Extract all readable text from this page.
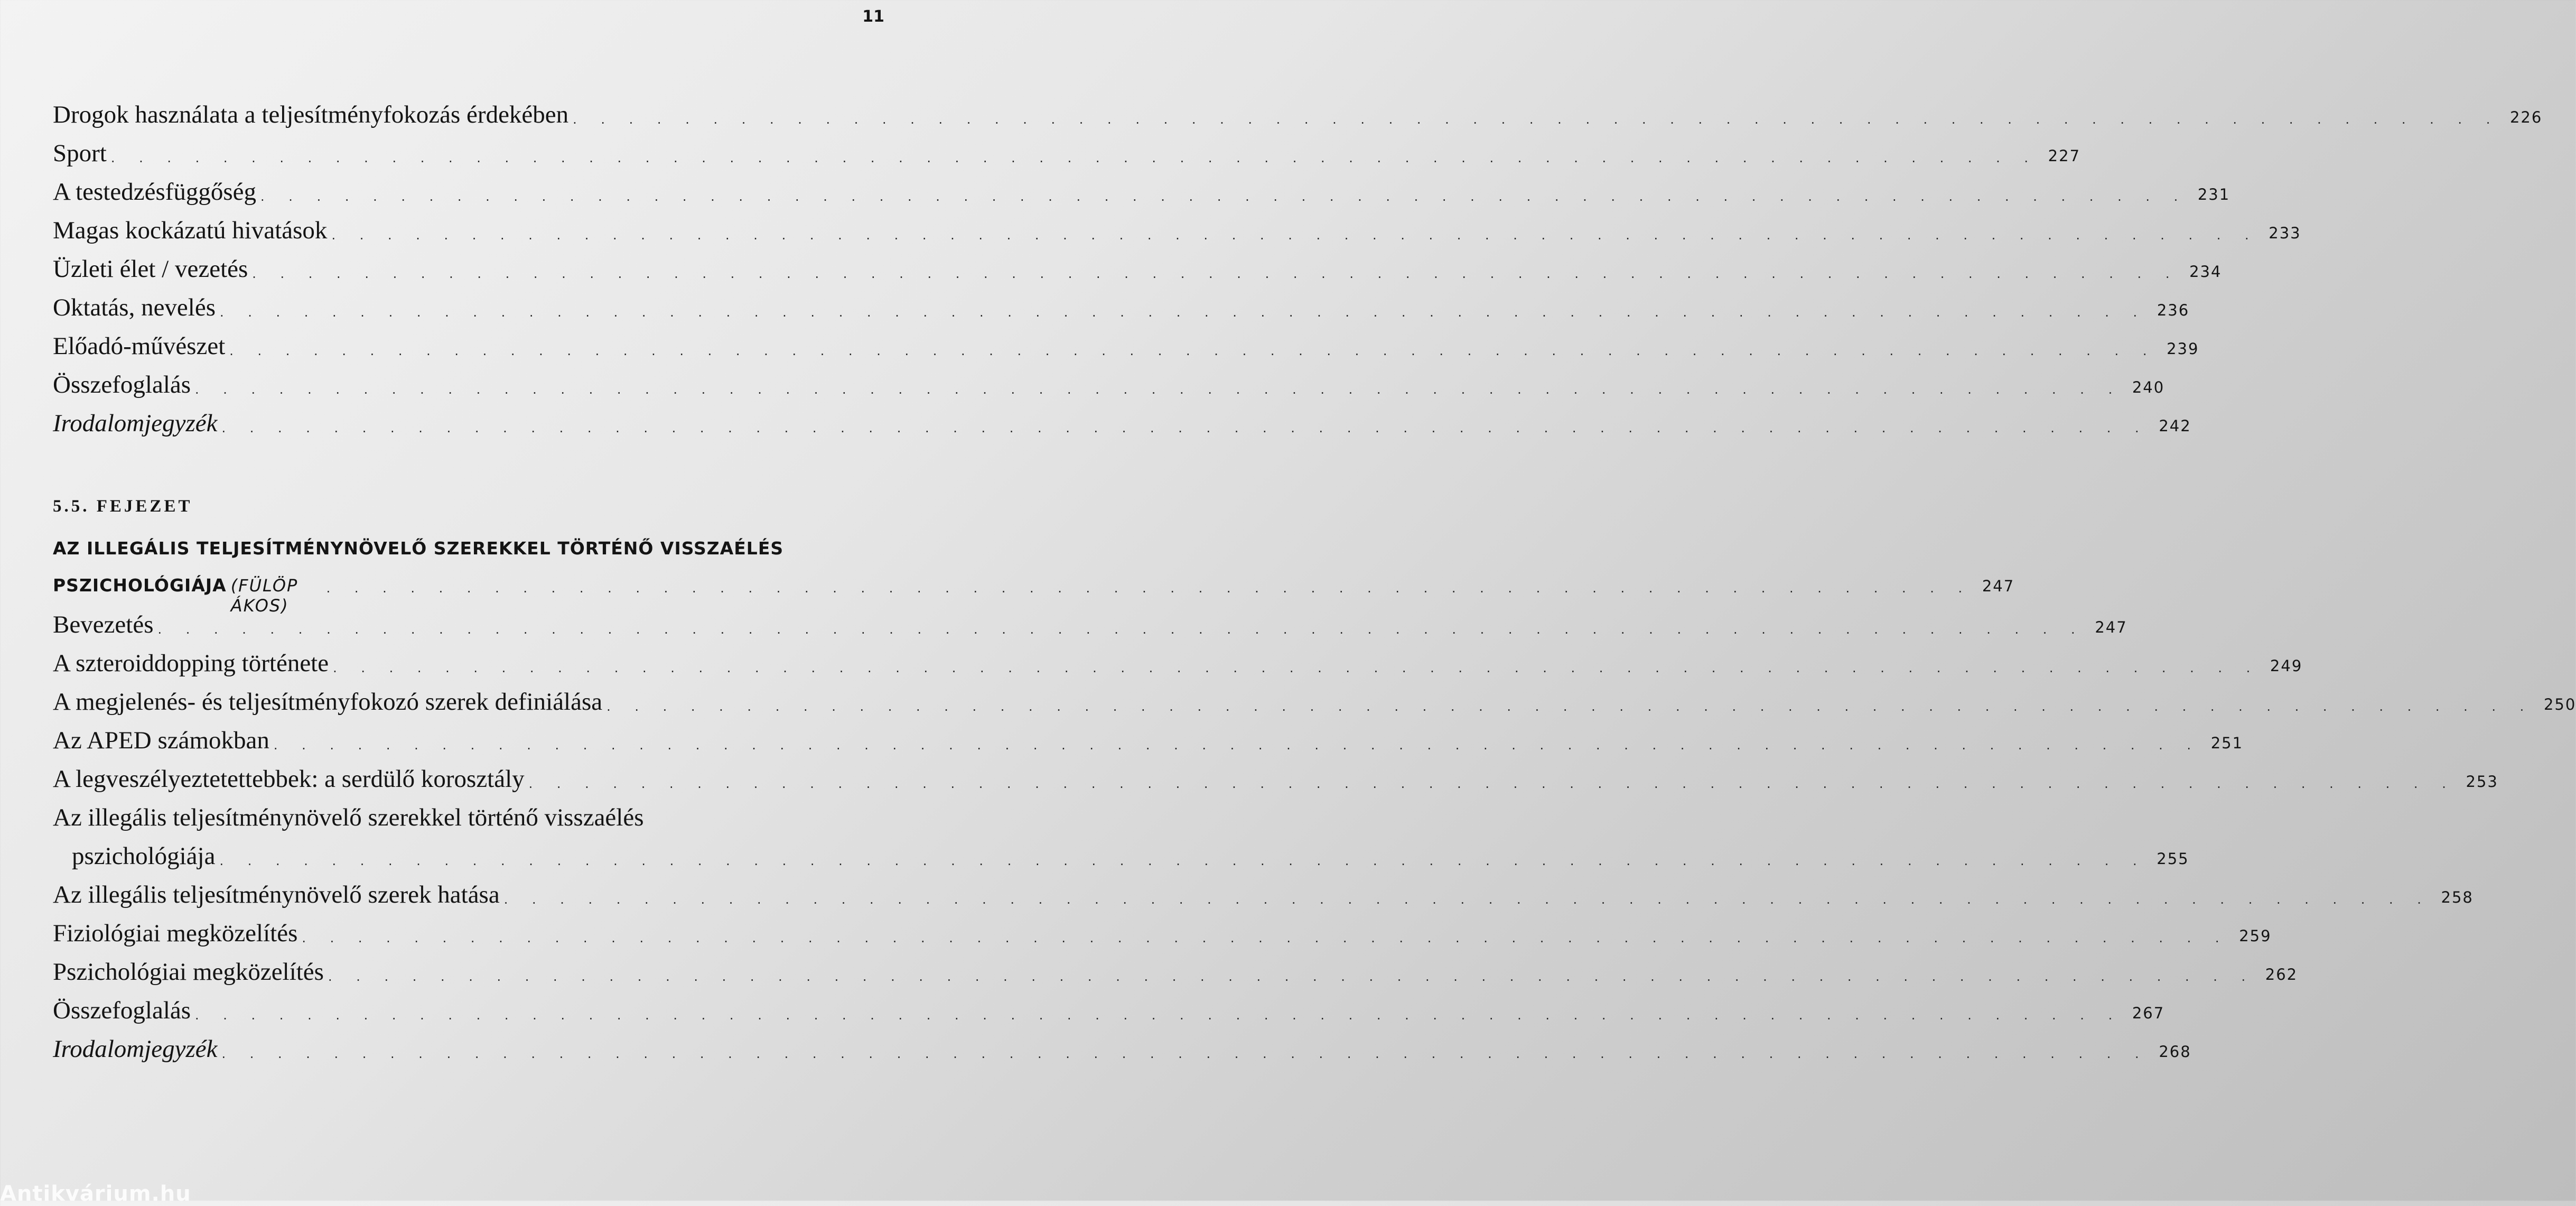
11
Drogok használata a teljesítményfokozás érdekében . . . . . . . . . . . . . . . . . . . . . . . . . . . . . . . . . . . . . . . . . . . . . . . . . . . . . . . . . . . . . . . . . . . . . 226
Sport . . . . . . . . . . . . . . . . . . . . . . . . . . . . . . . . . . . . . . . . . . . . . . . . . . . . . . . . . . . . . . . . . . . . . 227
A testedzésfüggőség . . . . . . . . . . . . . . . . . . . . . . . . . . . . . . . . . . . . . . . . . . . . . . . . . . . . . . . . . . . . . . . . . . . . . 231
Magas kockázatú hivatások . . . . . . . . . . . . . . . . . . . . . . . . . . . . . . . . . . . . . . . . . . . . . . . . . . . . . . . . . . . . . . . . . . . . . 233
Üzleti élet / vezetés . . . . . . . . . . . . . . . . . . . . . . . . . . . . . . . . . . . . . . . . . . . . . . . . . . . . . . . . . . . . . . . . . . . . . 234
Oktatás, nevelés . . . . . . . . . . . . . . . . . . . . . . . . . . . . . . . . . . . . . . . . . . . . . . . . . . . . . . . . . . . . . . . . . . . . . 236
Előadó-művészet . . . . . . . . . . . . . . . . . . . . . . . . . . . . . . . . . . . . . . . . . . . . . . . . . . . . . . . . . . . . . . . . . . . . . 239
Összefoglalás . . . . . . . . . . . . . . . . . . . . . . . . . . . . . . . . . . . . . . . . . . . . . . . . . . . . . . . . . . . . . . . . . . . . . 240
Irodalomjegyzék . . . . . . . . . . . . . . . . . . . . . . . . . . . . . . . . . . . . . . . . . . . . . . . . . . . . . . . . . . . . . . . . . . . . . 242
5.5. FEJEZET
AZ ILLEGÁLIS TELJESÍTMÉNYNÖVELŐ SZEREKKEL TÖRTÉNŐ VISSZAÉLÉS
PSZICHOLÓGIÁJA (FÜLÖP ÁKOS)
. . . . . . . . . . . . . . . . . . . . . . . . . . . . . . . . . . . . . . . . . . . . . . . . . . . . . . . . . . . 247
Bevezetés . . . . . . . . . . . . . . . . . . . . . . . . . . . . . . . . . . . . . . . . . . . . . . . . . . . . . . . . . . . . . . . . . . . . . 247
A szteroiddopping története . . . . . . . . . . . . . . . . . . . . . . . . . . . . . . . . . . . . . . . . . . . . . . . . . . . . . . . . . . . . . . . . . . . . . 249
A megjelenés- és teljesítményfokozó szerek definiálása . . . . . . . . . . . . . . . . . . . . . . . . . . . . . . . . . . . . . . . . . . . . . . . . . . . . . . . . . . . . . . . . . . . . . 250
Az APED számokban . . . . . . . . . . . . . . . . . . . . . . . . . . . . . . . . . . . . . . . . . . . . . . . . . . . . . . . . . . . . . . . . . . . . . 251
A legveszélyeztetettebbek: a serdülő korosztály . . . . . . . . . . . . . . . . . . . . . . . . . . . . . . . . . . . . . . . . . . . . . . . . . . . . . . . . . . . . . . . . . . . . . 253
Az illegális teljesítménynövelő szerekkel történő visszaélés
pszichológiája . . . . . . . . . . . . . . . . . . . . . . . . . . . . . . . . . . . . . . . . . . . . . . . . . . . . . . . . . . . . . . . . . . . . . 255
Az illegális teljesítménynövelő szerek hatása . . . . . . . . . . . . . . . . . . . . . . . . . . . . . . . . . . . . . . . . . . . . . . . . . . . . . . . . . . . . . . . . . . . . . 258
Fiziológiai megközelítés . . . . . . . . . . . . . . . . . . . . . . . . . . . . . . . . . . . . . . . . . . . . . . . . . . . . . . . . . . . . . . . . . . . . . 259
Pszichológiai megközelítés . . . . . . . . . . . . . . . . . . . . . . . . . . . . . . . . . . . . . . . . . . . . . . . . . . . . . . . . . . . . . . . . . . . . . 262
Összefoglalás . . . . . . . . . . . . . . . . . . . . . . . . . . . . . . . . . . . . . . . . . . . . . . . . . . . . . . . . . . . . . . . . . . . . . 267
Irodalomjegyzék . . . . . . . . . . . . . . . . . . . . . . . . . . . . . . . . . . . . . . . . . . . . . . . . . . . . . . . . . . . . . . . . . . . . . 268
Antikvárium.hu
